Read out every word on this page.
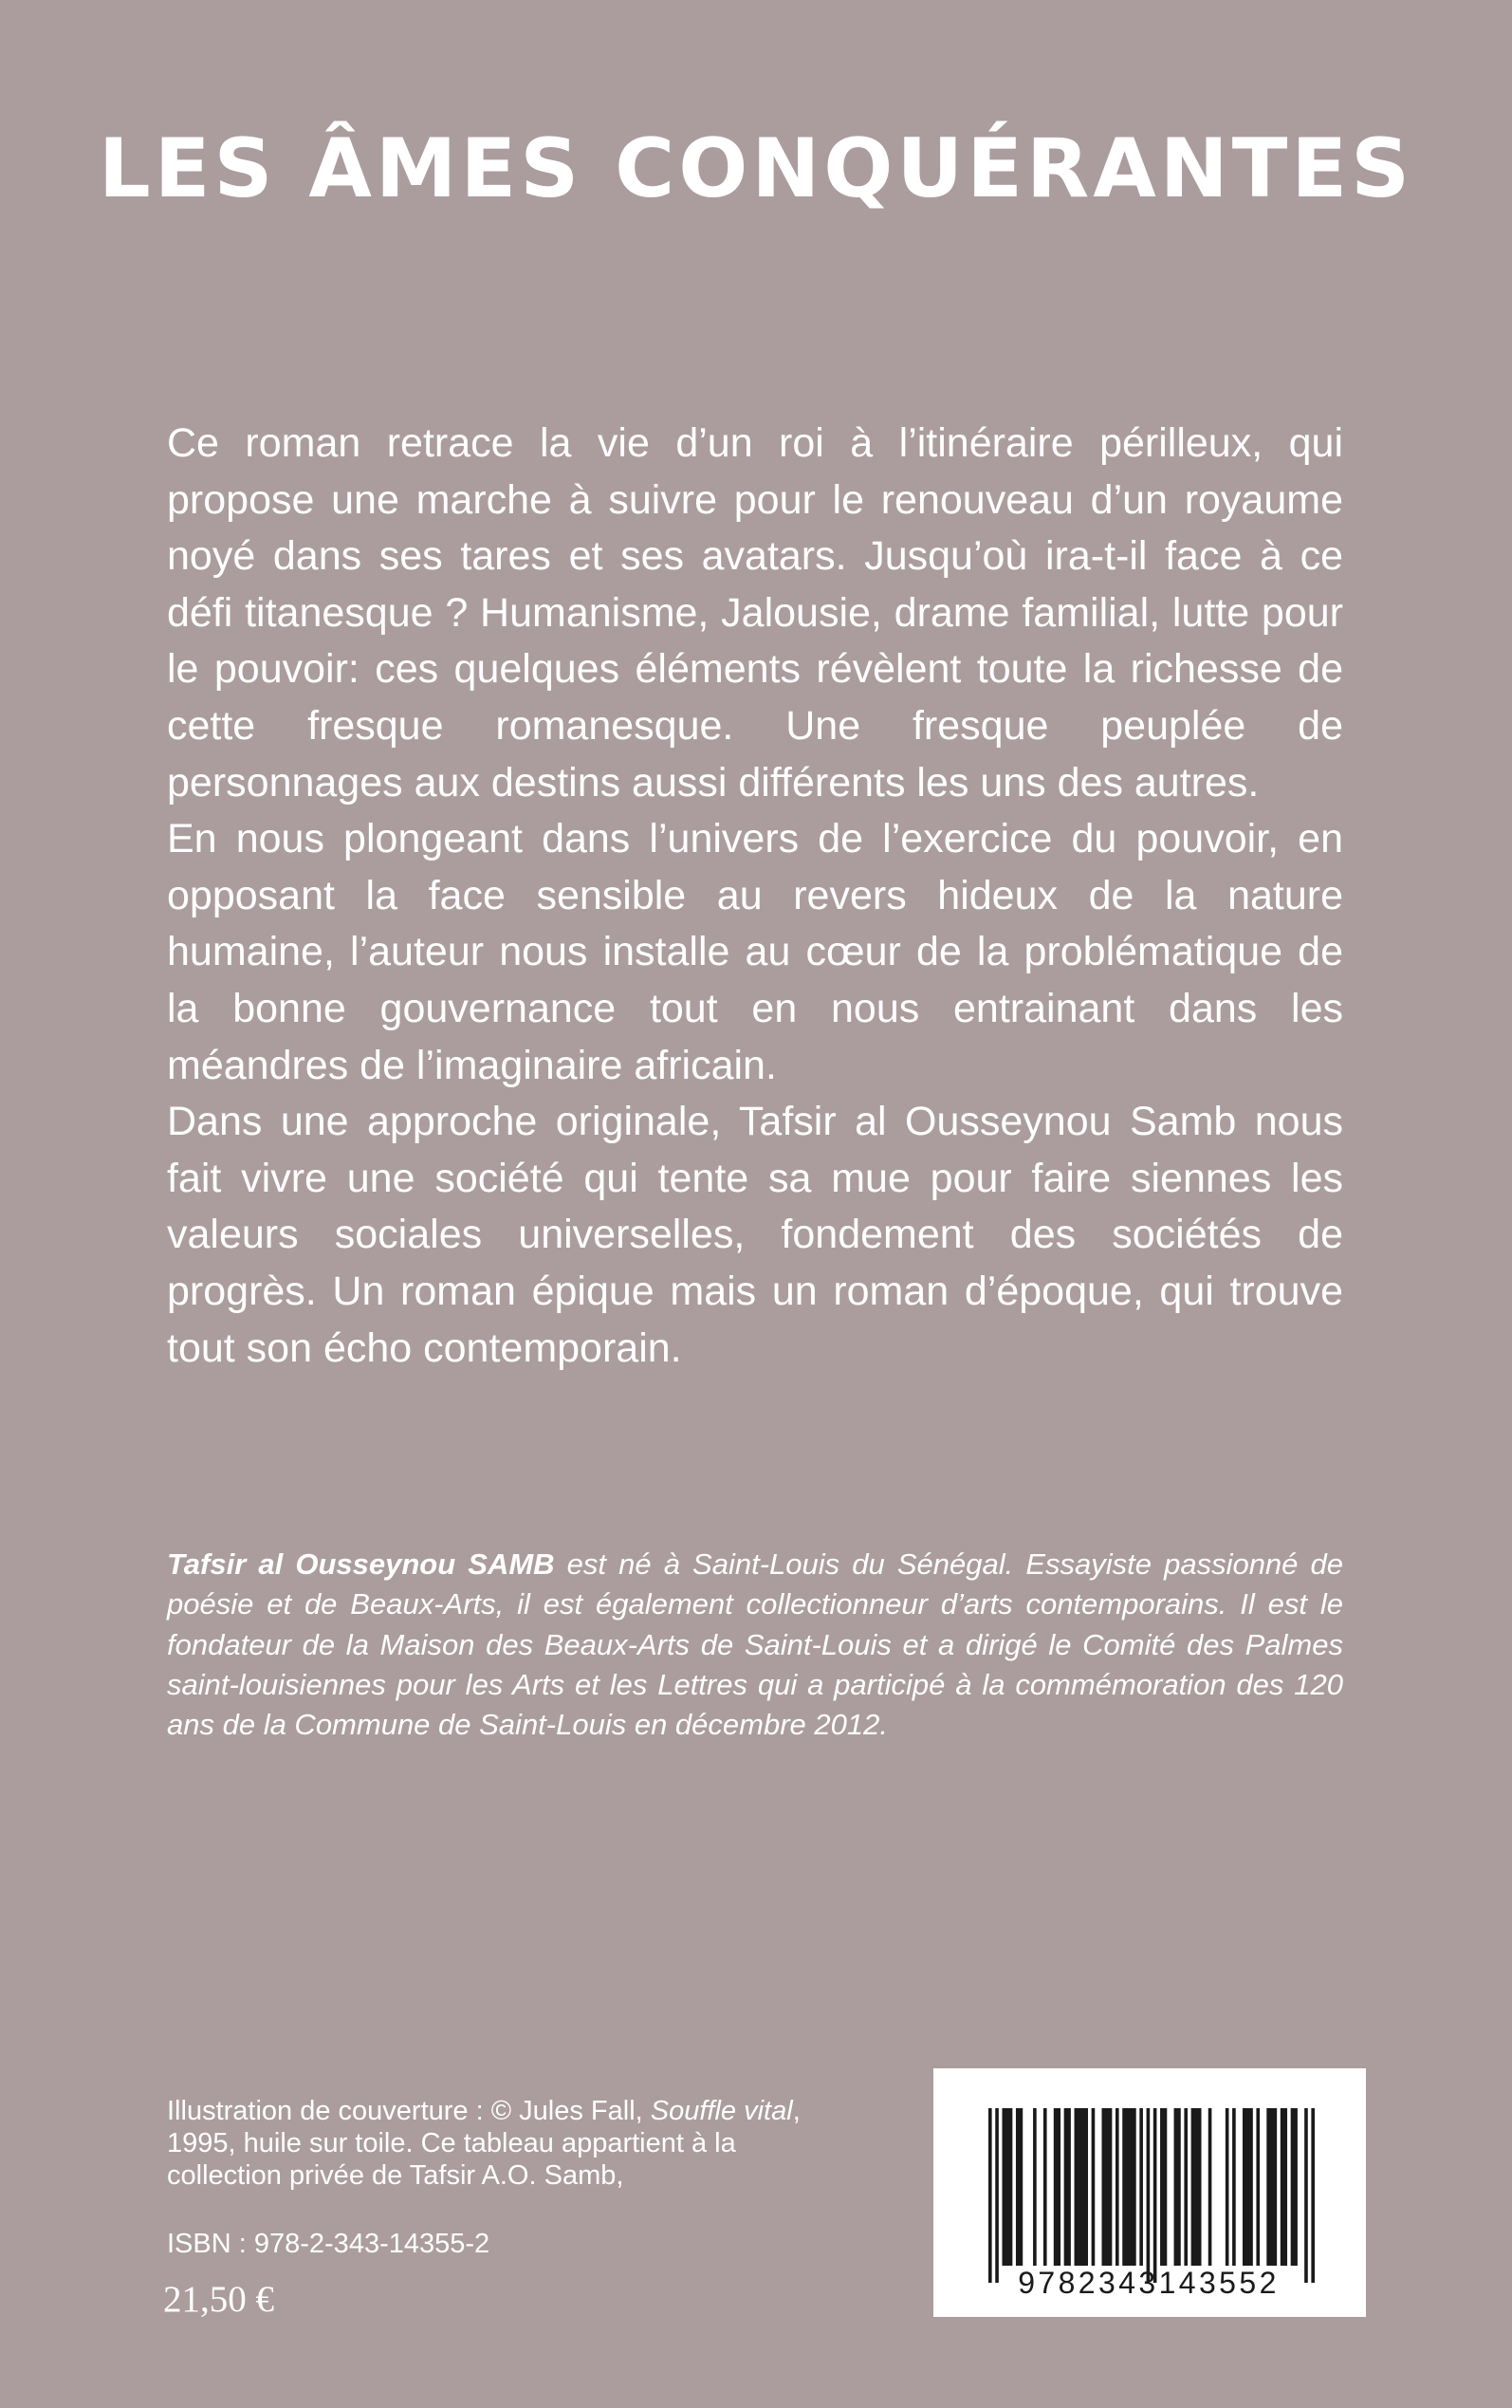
LES ÂMES CONQUÉRANTES

Ce roman retrace la vie d’un roi à l’itinéraire périlleux, qui propose une marche à suivre pour le renouveau d’un royaume noyé dans ses tares et ses avatars. Jusqu’où ira-t-il face à ce défi titanesque ? Humanisme, Jalousie, drame familial, lutte pour le pouvoir: ces quelques éléments révèlent toute la richesse de cette fresque romanesque. Une fresque peuplée de personnages aux destins aussi différents les uns des autres.

En nous plongeant dans l’univers de l’exercice du pouvoir, en opposant la face sensible au revers hideux de la nature humaine, l’auteur nous installe au cœur de la problématique de la bonne gouvernance tout en nous entrainant dans les méandres de l’imaginaire africain.

Dans une approche originale, Tafsir al Ousseynou Samb nous fait vivre une société qui tente sa mue pour faire siennes les valeurs sociales universelles, fondement des sociétés de progrès. Un roman épique mais un roman d’époque, qui trouve tout son écho contemporain.

Tafsir al Ousseynou SAMB est né à Saint-Louis du Sénégal. Essayiste passionné de poésie et de Beaux-Arts, il est également collectionneur d’arts contemporains. Il est le fondateur de la Maison des Beaux-Arts de Saint-Louis et a dirigé le Comité des Palmes saint-louisiennes pour les Arts et les Lettres qui a participé à la commémoration des 120 ans de la Commune de Saint-Louis en décembre 2012.

Illustration de couverture : © Jules Fall, Souffle vital, 1995, huile sur toile. Ce tableau appartient à la collection privée de Tafsir A.O. Samb,

ISBN : 978-2-343-14355-2

21,50 €	9782343143552
